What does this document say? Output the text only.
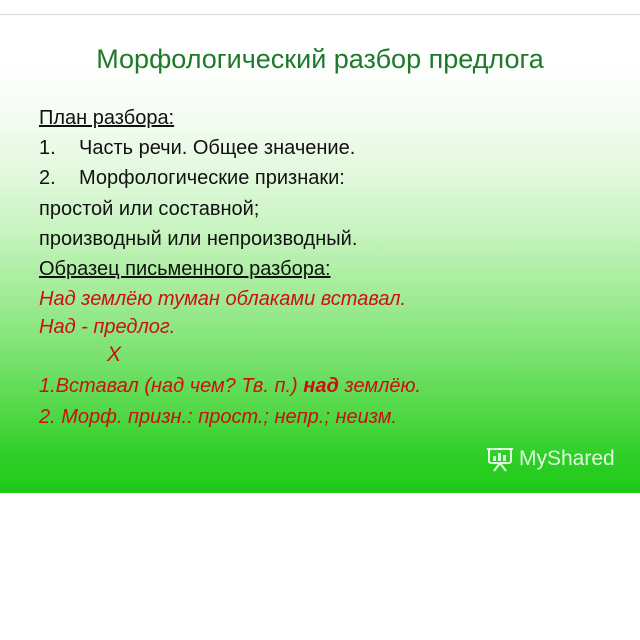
Морфологический разбор предлога
План разбора:
1. Часть речи. Общее значение.
2. Морфологические признаки:
простой или составной;
производный или непроизводный.
Образец письменного разбора:
Над землёю туман облаками вставал.
Над - предлог.
Х
1.Вставал (над чем? Тв. п.) над землёю.
2. Морф. призн.: прост.; непр.; неизм.
MyShared
